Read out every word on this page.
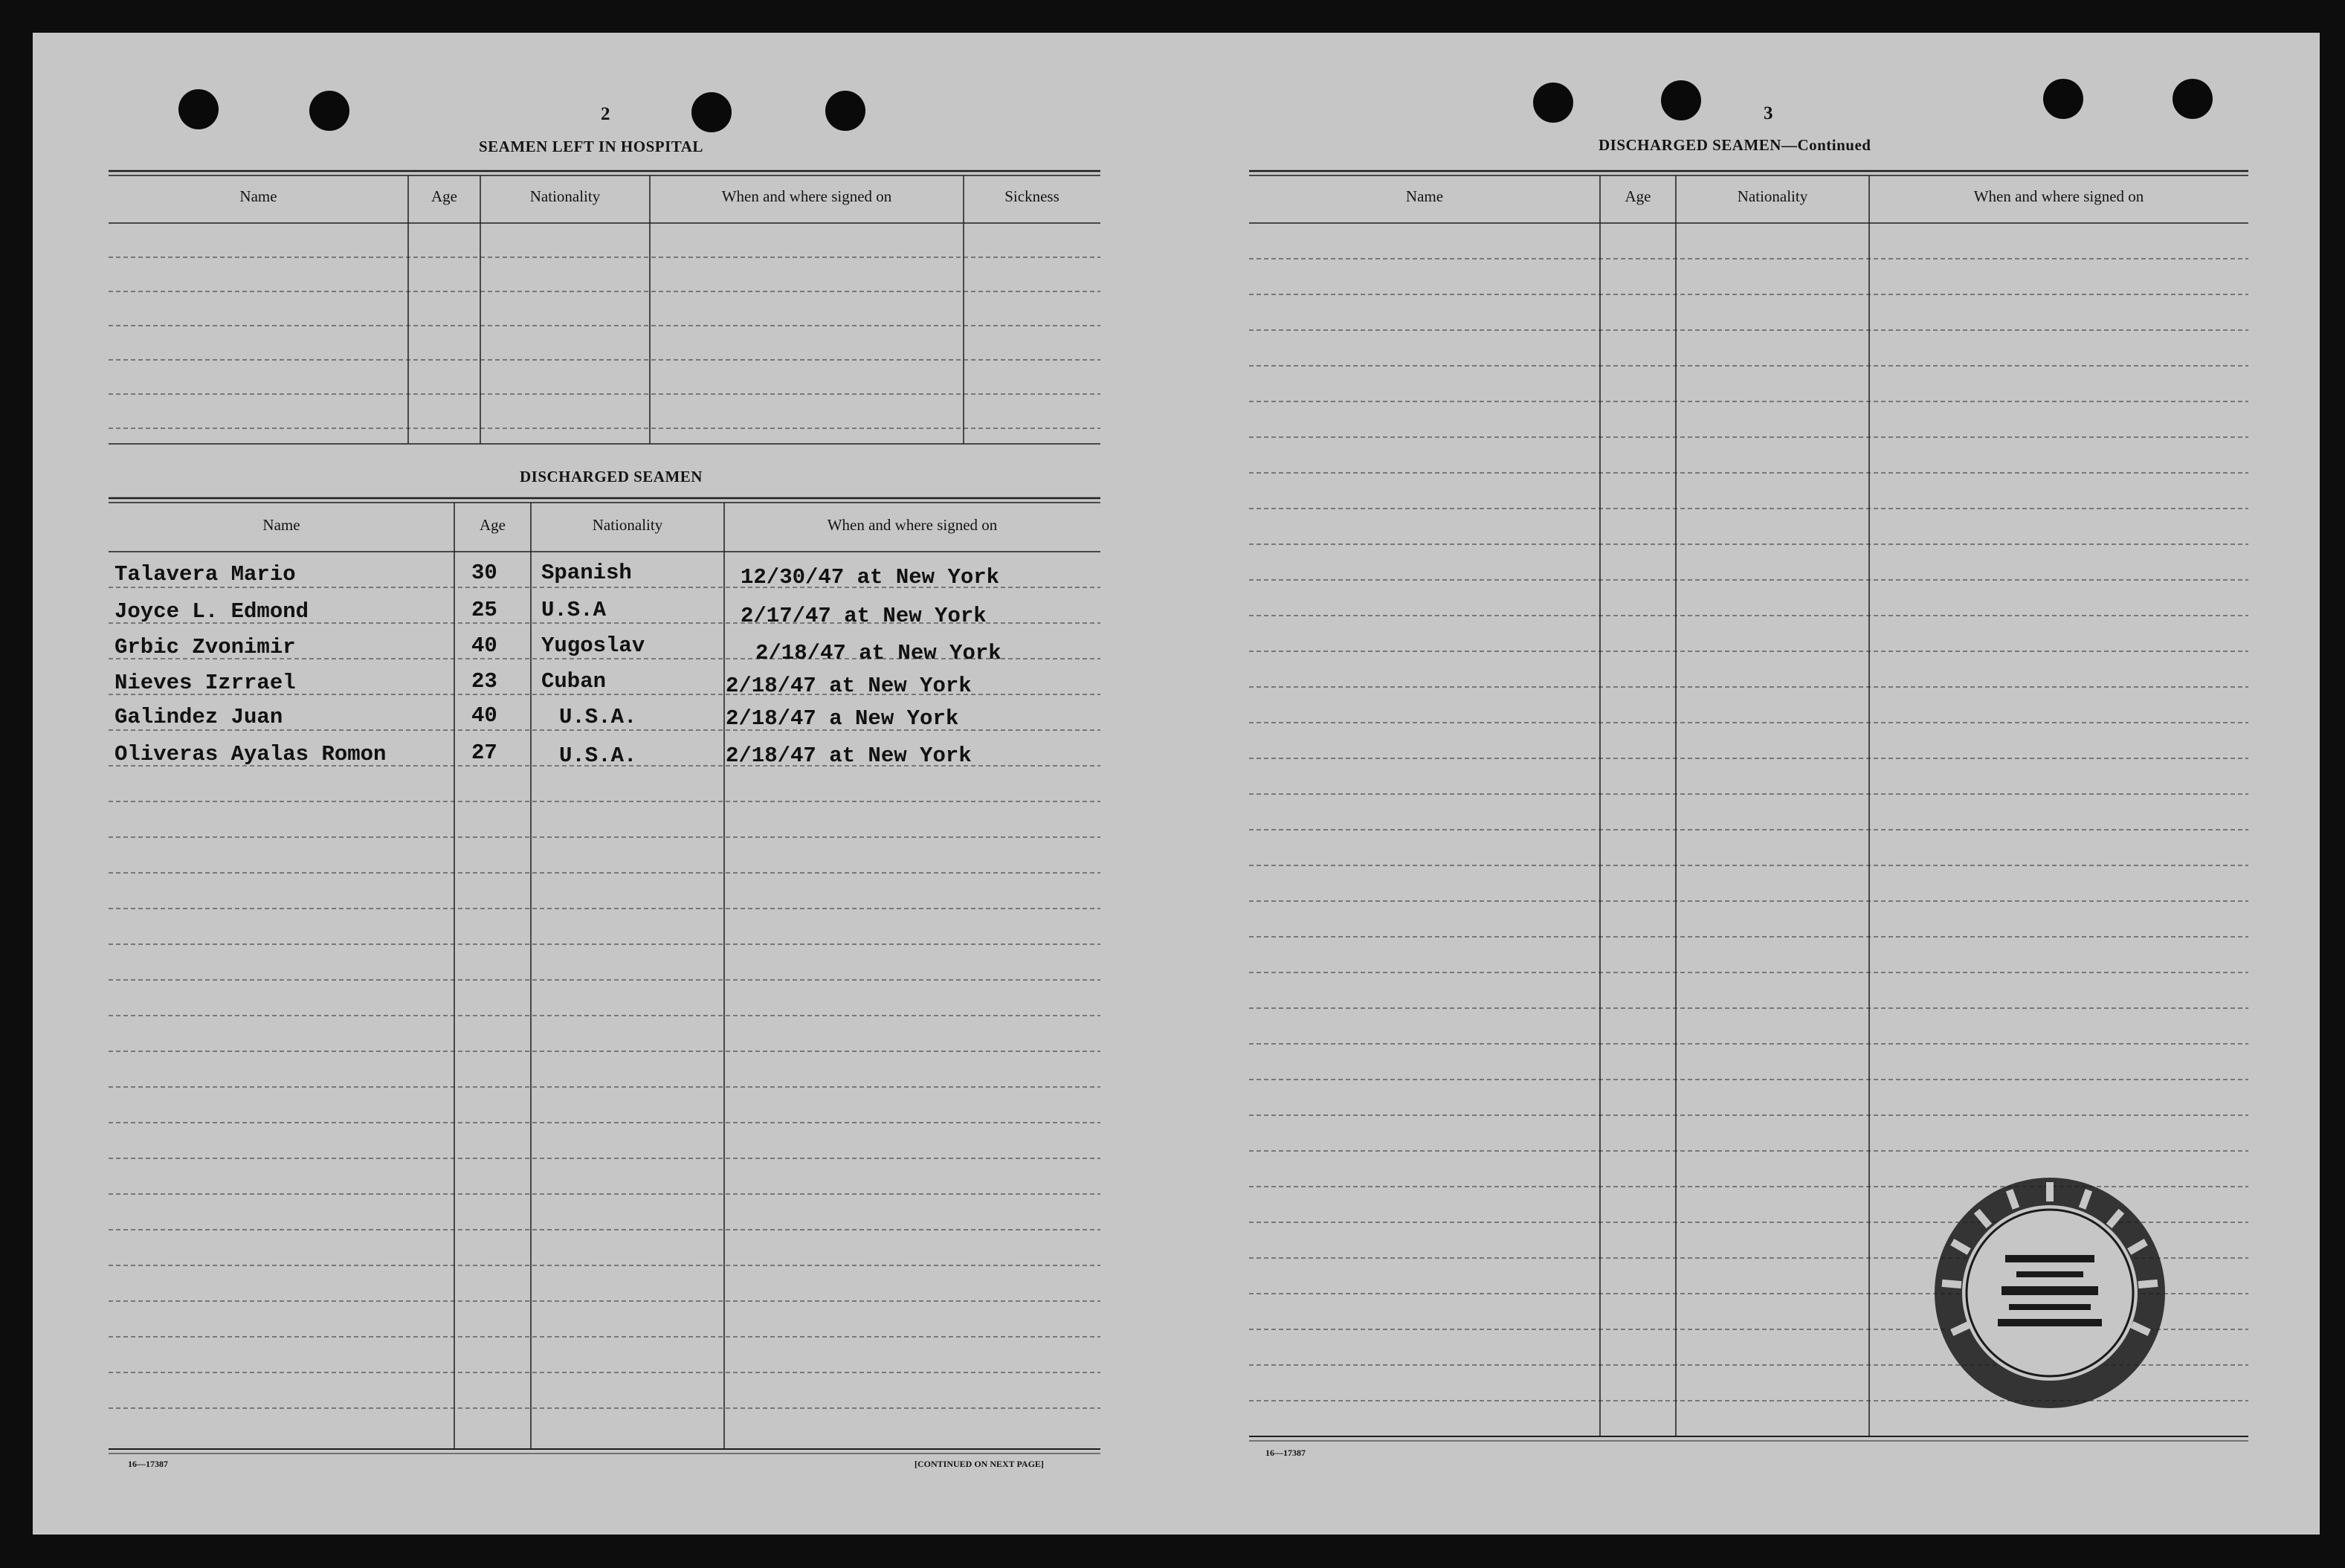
2
SEAMEN LEFT IN HOSPITAL
Name	Age	Nationality	When and where signed on	Sickness
DISCHARGED SEAMEN
Name	Age	Nationality	When and where signed on
Talavera Mario	30 Spanish	12/30/47 at New York
Joyce L. Edmond	25 U.S.A	2/17/47 at New York
Grbic Zvonimir	40 Yugoslav	2/18/47 at New York
Nieves Izrrael	23 Cuban	2/18/47 at New York
Galindez Juan	40	U.S.A.	2/18/47 a New York
Oliveras Ayalas Romon	27	U.S.A.	2/18/47 at New York
16—17387	[CONTINUED ON NEXT PAGE]
3
DISCHARGED SEAMEN—Continued
Name	Age	Nationality	When and where signed on
16—17387
